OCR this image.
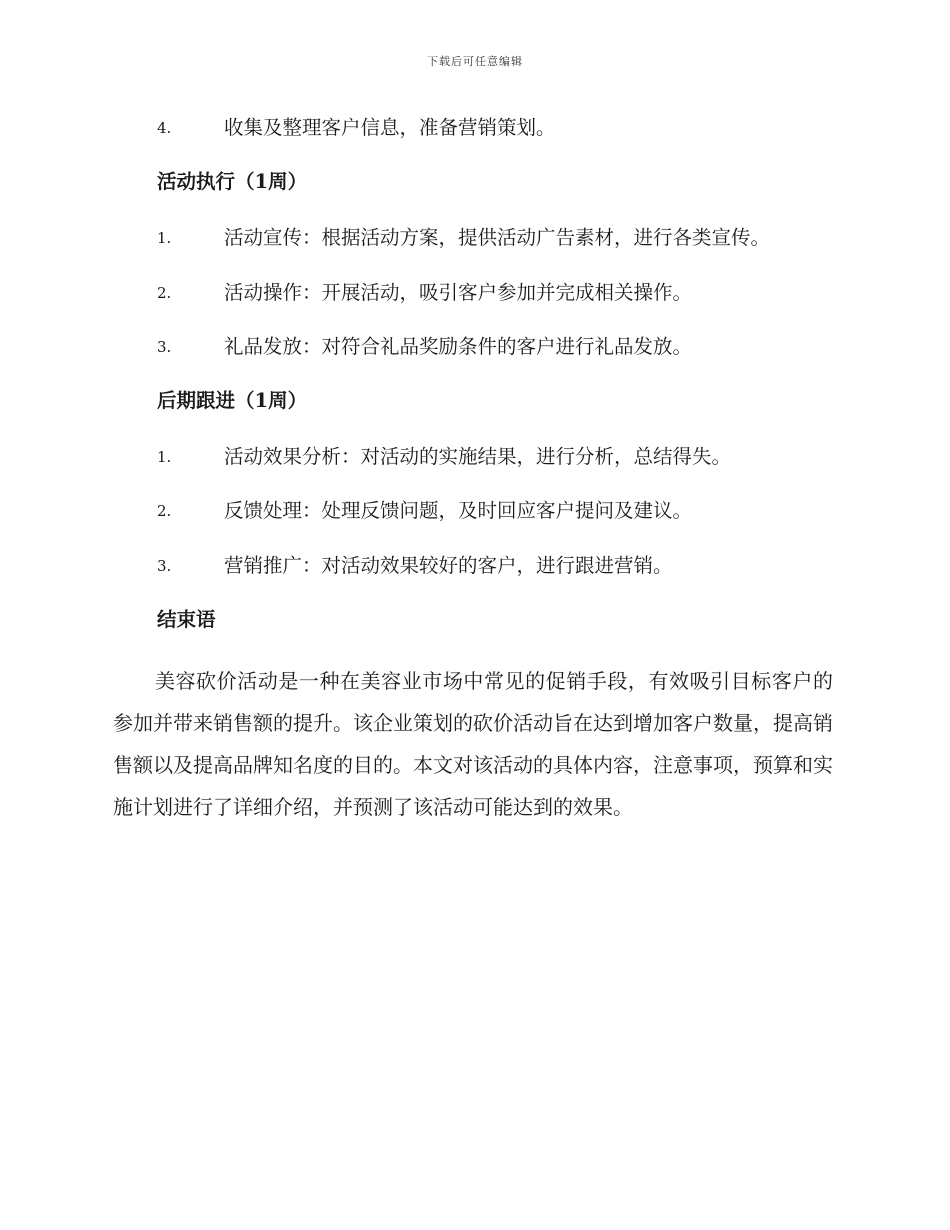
下载后可任意编辑
4.	收集及整理客户信息，准备营销策划。
活动执行（1周）
1.	活动宣传：根据活动方案，提供活动广告素材，进行各类宣传。
2.	活动操作：开展活动，吸引客户参加并完成相关操作。
3.	礼品发放：对符合礼品奖励条件的客户进行礼品发放。
后期跟进（1周）
1.	活动效果分析：对活动的实施结果，进行分析，总结得失。
2.	反馈处理：处理反馈问题，及时回应客户提问及建议。
3.	营销推广：对活动效果较好的客户，进行跟进营销。
结束语

美容砍价活动是一种在美容业市场中常见的促销手段，有效吸引目标客户的参加并带来销售额的提升。该企业策划的砍价活动旨在达到增加客户数量，提高销售额以及提高品牌知名度的目的。本文对该活动的具体内容，注意事项，预算和实施计划进行了详细介绍，并预测了该活动可能达到的效果。
